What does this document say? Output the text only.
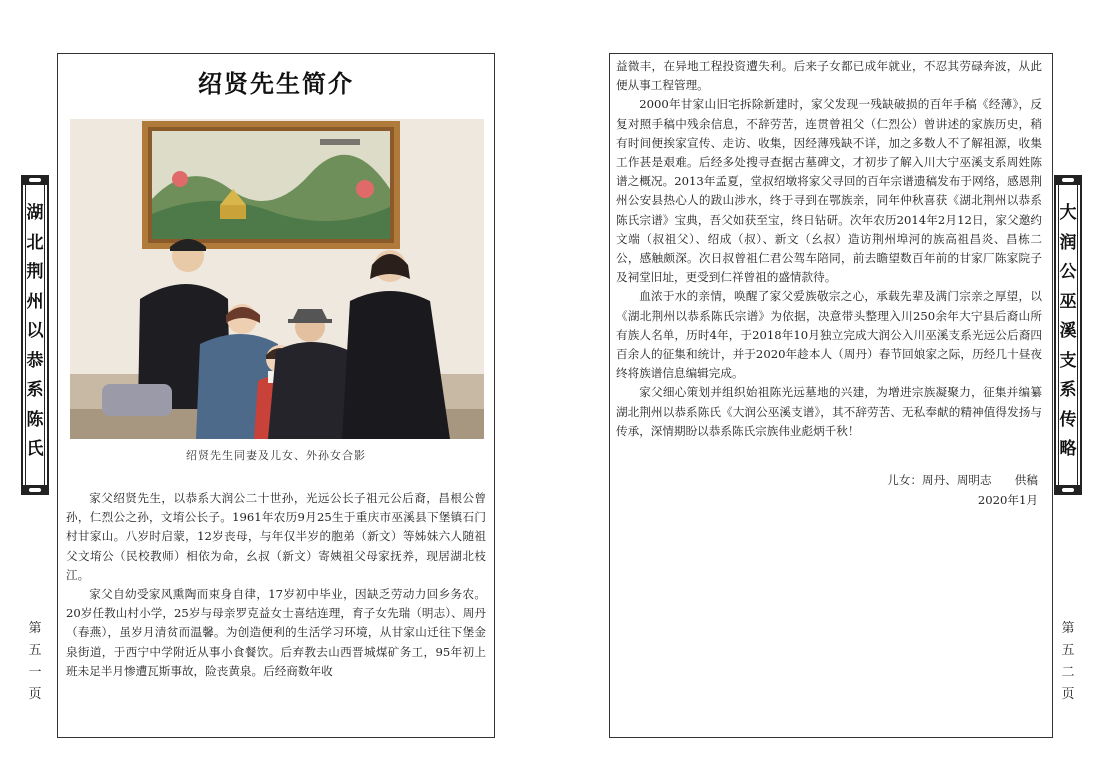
湖北荆州以恭系陈氏
第五一页
绍贤先生简介
绍贤先生同妻及儿女、外孙女合影

家父绍贤先生，以恭系大润公二十世孙，光远公长子祖元公后裔，昌根公曾孙，仁烈公之孙，文堉公长子。1961年农历9月25生于重庆市巫溪县下堡镇石门村甘家山。八岁时启蒙，12岁丧母，与年仅半岁的胞弟（新文）等姊妹六人随祖父文堉公（民校教师）相依为命，幺叔（新文）寄姨祖父母家抚养，现居湖北枝江。

家父自幼受家风熏陶而束身自律，17岁初中毕业，因缺乏劳动力回乡务农。20岁任教山村小学，25岁与母亲罗克益女士喜结连理，育子女先瑞（明志）、周丹（春燕），虽岁月清贫而温馨。为创造便利的生活学习环境，从甘家山迁往下堡金泉街道，于西宁中学附近从事小食餐饮。后弃教去山西晋城煤矿务工，95年初上班未足半月惨遭瓦斯事故，险丧黄泉。后经商数年收

益微丰，在异地工程投资遭失利。后来子女都已成年就业，不忍其劳碌奔波，从此便从事工程管理。

2000年甘家山旧宅拆除新建时，家父发现一残缺破损的百年手稿《经薄》，反复对照手稿中残余信息，不辞劳苦，连贯曾祖父（仁烈公）曾讲述的家族历史，稍有时间便挨家宣传、走访、收集，因经薄残缺不详，加之多数人不了解祖源，收集工作甚是艰难。后经多处搜寻查据古墓碑文，才初步了解入川大宁巫溪支系周姓陈谱之概况。2013年孟夏，堂叔绍墩将家父寻回的百年宗谱遗稿发布于网络，感恩荆州公安县热心人的跋山涉水，终于寻到在鄂族亲，同年仲秋喜获《湖北荆州以恭系陈氏宗谱》宝典，吾父如获至宝，终日钻研。次年农历2014年2月12日，家父邀约文端（叔祖父）、绍成（叔）、新文（幺叔）造访荆州埠河的族高祖昌炎、昌栋二公，感触颇深。次日叔曾祖仁君公驾车陪同，前去瞻望数百年前的甘家厂陈家院子及祠堂旧址，更受到仁祥曾祖的盛情款待。

血浓于水的亲情，唤醒了家父爱族敬宗之心，承载先辈及满门宗亲之厚望，以《湖北荆州以恭系陈氏宗谱》为依据，决意带头整理入川250余年大宁县后裔山所有族人名单，历时4年，于2018年10月独立完成大润公入川巫溪支系光远公后裔四百余人的征集和统计，并于2020年趁本人（周丹）春节回娘家之际，历经几十昼夜终将族谱信息编辑完成。

家父细心策划并组织始祖陈光远墓地的兴建，为增进宗族凝聚力，征集并编纂湖北荆州以恭系陈氏《大润公巫溪支谱》，其不辞劳苦、无私奉献的精神值得发扬与传承，深情期盼以恭系陈氏宗族伟业彪炳千秋！

儿女：周丹、周明志　　供稿
2020年1月
大润公巫溪支系传略
第五二页
